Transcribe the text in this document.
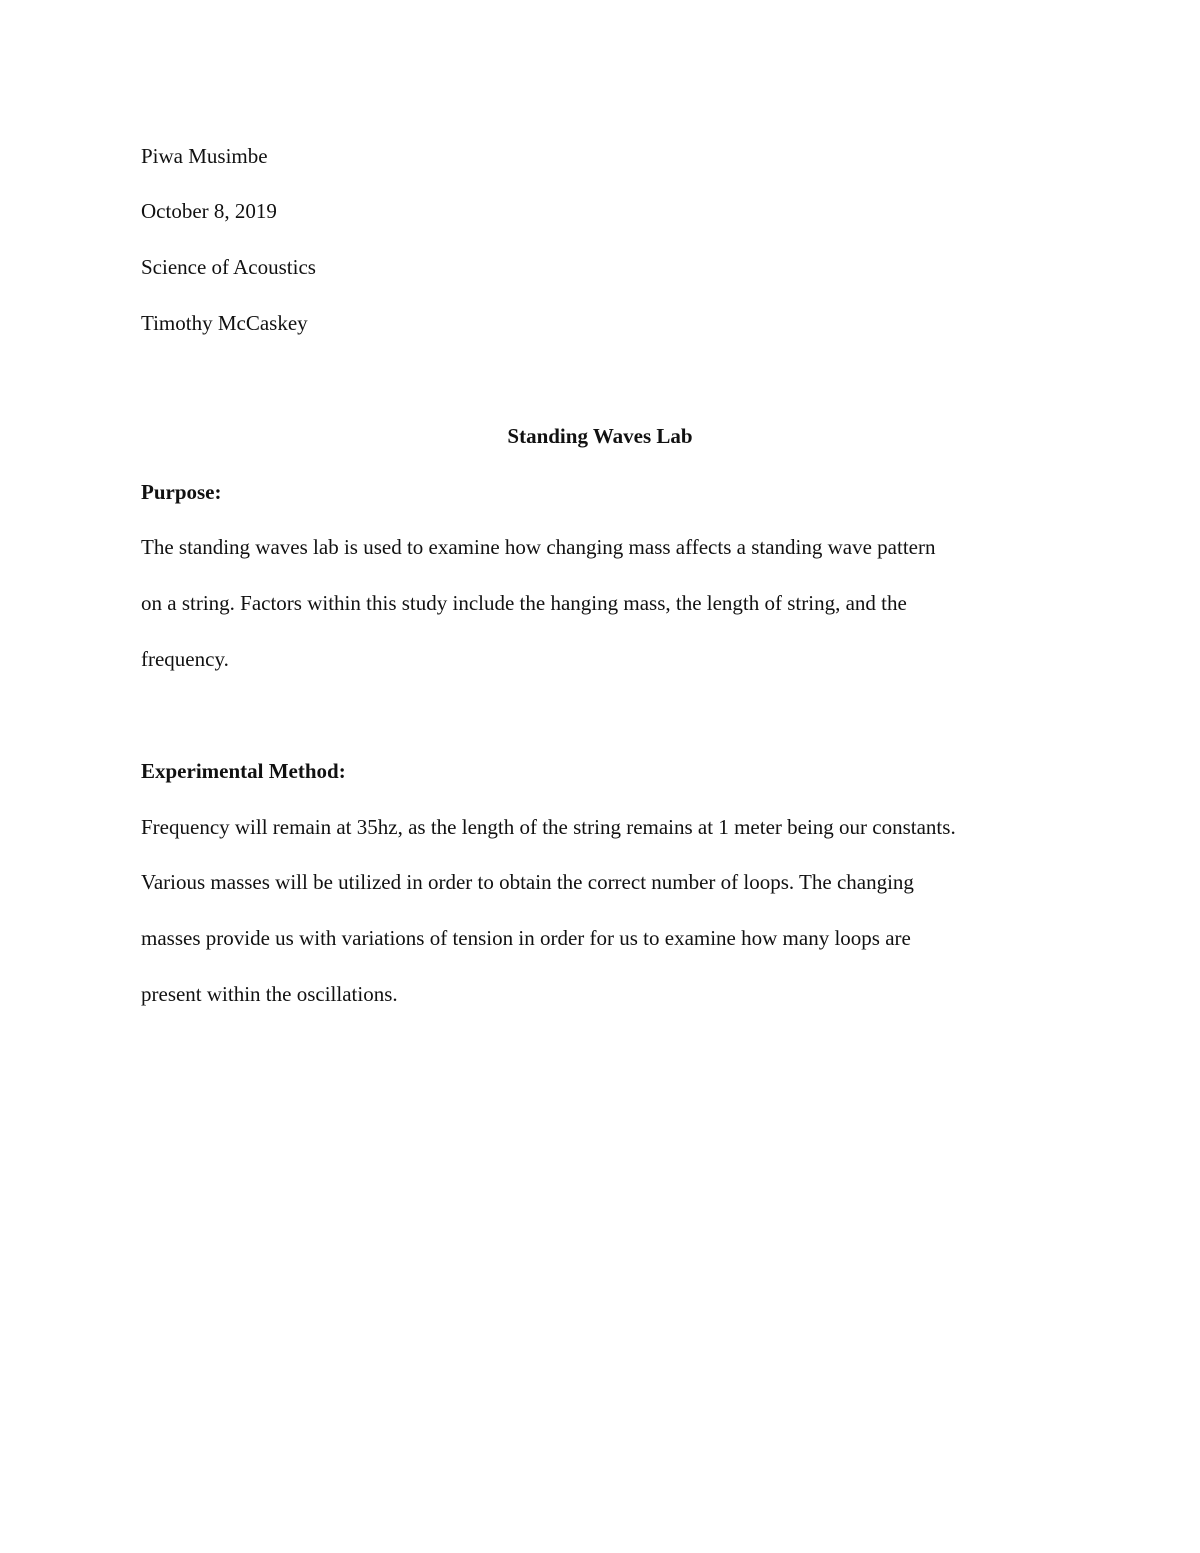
Piwa Musimbe
October 8, 2019
Science of Acoustics
Timothy McCaskey
Standing Waves Lab
Purpose:
The standing waves lab is used to examine how changing mass affects a standing wave pattern
on a string. Factors within this study include the hanging mass, the length of string, and the
frequency.
Experimental Method:
Frequency will remain at 35hz, as the length of the string remains at 1 meter being our constants.
Various masses will be utilized in order to obtain the correct number of loops. The changing
masses provide us with variations of tension in order for us to examine how many loops are
present within the oscillations.
